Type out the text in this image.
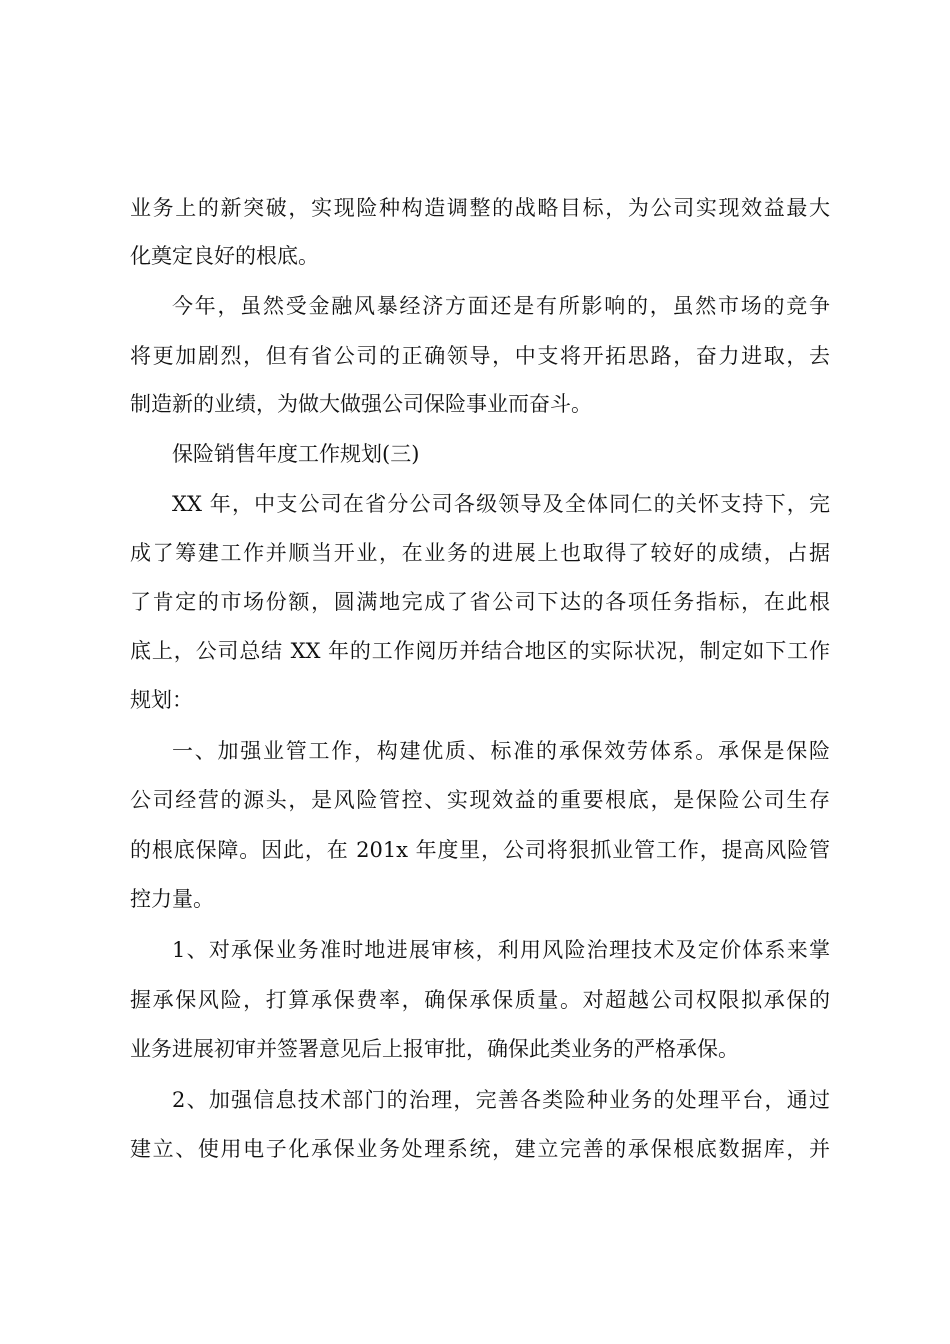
业务上的新突破，实现险种构造调整的战略目标，为公司实现效益最大
化奠定良好的根底。
今年，虽然受金融风暴经济方面还是有所影响的，虽然市场的竞争
将更加剧烈，但有省公司的正确领导，中支将开拓思路，奋力进取，去
制造新的业绩，为做大做强公司保险事业而奋斗。
保险销售年度工作规划(三)
XX 年，中支公司在省分公司各级领导及全体同仁的关怀支持下，完
成了筹建工作并顺当开业，在业务的进展上也取得了较好的成绩，占据
了肯定的市场份额，圆满地完成了省公司下达的各项任务指标，在此根
底上，公司总结 XX 年的工作阅历并结合地区的实际状况，制定如下工作
规划：
一、加强业管工作，构建优质、标准的承保效劳体系。承保是保险
公司经营的源头，是风险管控、实现效益的重要根底，是保险公司生存
的根底保障。因此，在 201x 年度里，公司将狠抓业管工作，提高风险管
控力量。
1、对承保业务准时地进展审核，利用风险治理技术及定价体系来掌
握承保风险，打算承保费率，确保承保质量。对超越公司权限拟承保的
业务进展初审并签署意见后上报审批，确保此类业务的严格承保。
2、加强信息技术部门的治理，完善各类险种业务的处理平台，通过
建立、使用电子化承保业务处理系统，建立完善的承保根底数据库，并
